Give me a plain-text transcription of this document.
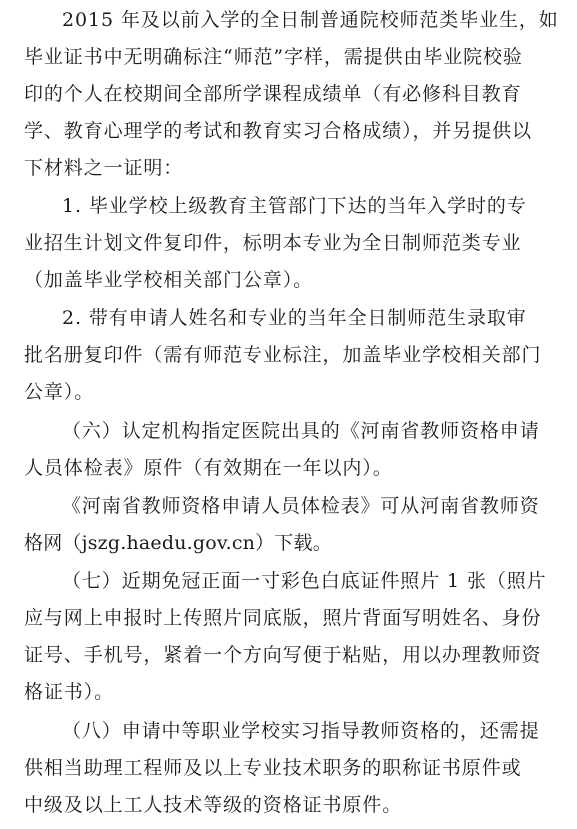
2015 年及以前入学的全日制普通院校师范类毕业生，如
毕业证书中无明确标注“师范”字样，需提供由毕业院校验
印的个人在校期间全部所学课程成绩单（有必修科目教育
学、教育心理学的考试和教育实习合格成绩），并另提供以
下材料之一证明：
1. 毕业学校上级教育主管部门下达的当年入学时的专
业招生计划文件复印件，标明本专业为全日制师范类专业
（加盖毕业学校相关部门公章）。
2. 带有申请人姓名和专业的当年全日制师范生录取审
批名册复印件（需有师范专业标注，加盖毕业学校相关部门
公章）。
（六）认定机构指定医院出具的《河南省教师资格申请
人员体检表》原件（有效期在一年以内）。
《河南省教师资格申请人员体检表》可从河南省教师资
格网（jszg.haedu.gov.cn）下载。
（七）近期免冠正面一寸彩色白底证件照片 1 张（照片
应与网上申报时上传照片同底版，照片背面写明姓名、身份
证号、手机号，紧着一个方向写便于粘贴，用以办理教师资
格证书）。
（八）申请中等职业学校实习指导教师资格的，还需提
供相当助理工程师及以上专业技术职务的职称证书原件或
中级及以上工人技术等级的资格证书原件。
